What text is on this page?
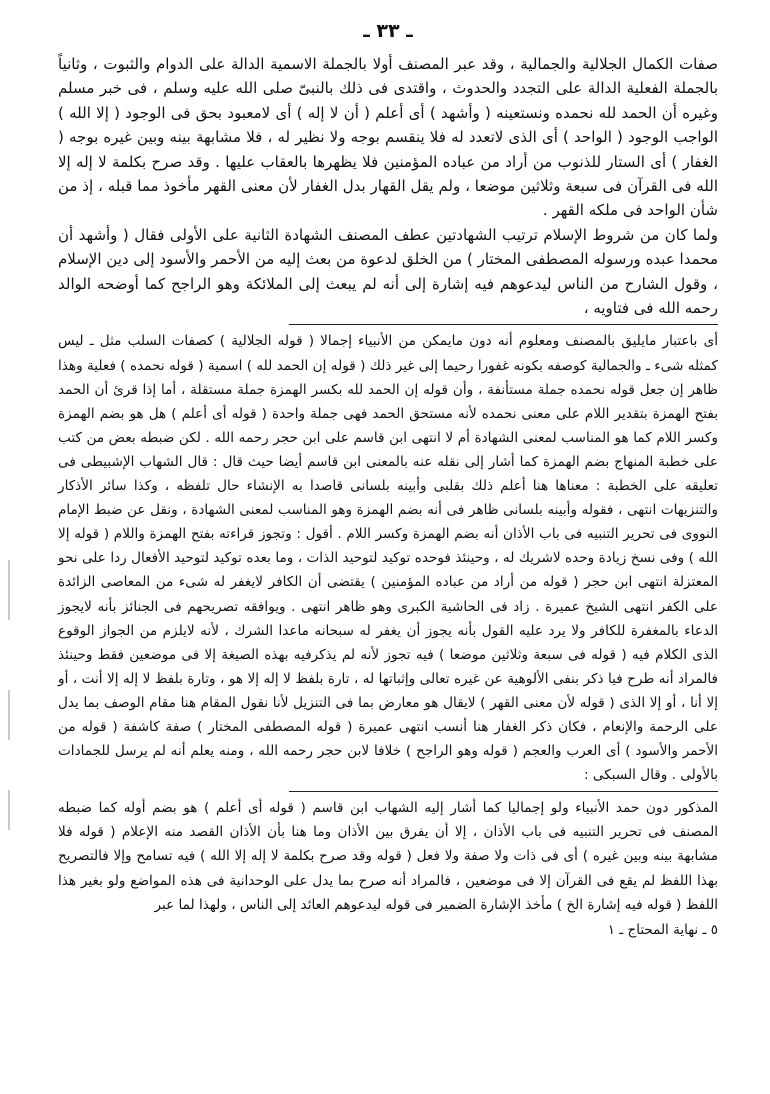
ـ ٣٣ ـ

صفات الكمال الجلالية والجمالية ، وقد عبر المصنف أولا بالجملة الاسمية الدالة على الدوام والثبوت ، وثانياً بالجملة الفعلية الدالة على التجدد والحدوث ، واقتدى فى ذلك بالنبىّ صلى الله عليه وسلم ، فى خبر مسلم وغيره أن الحمد لله نحمده ونستعينه ( وأشهد ) أى أعلم ( أن لا إله ) أى لامعبود بحق فى الوجود ( إلا الله ) الواجب الوجود ( الواحد ) أى الذى لاتعدد له فلا ينقسم بوجه ولا نظير له ، فلا مشابهة بينه وبين غيره بوجه ( الغفار ) أى الستار للذنوب من أراد من عباده المؤمنين فلا يظهرها بالعقاب عليها . وقد صرح بكلمة لا إله إلا الله فى القرآن فى سبعة وثلاثين موضعا ، ولم يقل القهار بدل الغفار لأن معنى القهر مأخوذ مما قبله ، إذ من شأن الواحد فى ملكه القهر .

ولما كان من شروط الإسلام ترتيب الشهادتين عطف المصنف الشهادة الثانية على الأولى فقال ( وأشهد أن محمدا عبده ورسوله المصطفى المختار ) من الخلق لدعوة من بعث إليه من الأحمر والأسود إلى دين الإسلام ، وقول الشارح من الناس ليدعوهم فيه إشارة إلى أنه لم يبعث إلى الملائكة وهو الراجح كما أوضحه الوالد رحمه الله فى فتاويه ،

أى باعتبار مايليق بالمصنف ومعلوم أنه دون مايمكن من الأنبياء إجمالا ( قوله الجلالية ) كصفات السلب مثل ـ ليس كمثله شىء ـ والجمالية كوصفه بكونه غفورا رحيما إلى غير ذلك ( قوله إن الحمد لله ) اسمية ( قوله نحمده ) فعلية وهذا ظاهر إن جعل قوله نحمده جملة مستأنفة ، وأن قوله إن الحمد لله بكسر الهمزة جملة مستقلة ، أما إذا قرئ أن الحمد بفتح الهمزة بتقدير اللام على معنى نحمده لأنه مستحق الحمد فهى جملة واحدة ( قوله أى أعلم ) هل هو بضم الهمزة وكسر اللام كما هو المناسب لمعنى الشهادة أم لا انتهى ابن قاسم على ابن حجر رحمه الله . لكن ضبطه بعض من كتب على خطبة المنهاج بضم الهمزة كما أشار إلى نقله عنه بالمعنى ابن قاسم أيضا حيث قال : قال الشهاب الإشبيطى فى تعليقه على الخطبة : معناها هنا أعلم ذلك بقلبى وأبينه بلسانى قاصدا به الإنشاء حال تلفظه ، وكذا سائر الأذكار والتنزيهات انتهى ، فقوله وأبينه بلسانى ظاهر فى أنه بضم الهمزة وهو المناسب لمعنى الشهادة ، ونقل عن ضبط الإمام النووى فى تحرير التنبيه فى باب الأذان أنه بضم الهمزة وكسر اللام . أقول : وتجوز قراءته بفتح الهمزة واللام ( قوله إلا الله ) وفى نسخ زيادة وحده لاشريك له ، وحينئذ فوحده توكيد لتوحيد الذات ، وما بعده توكيد لتوحيد الأفعال ردا على نحو المعتزلة انتهى ابن حجر ( قوله من أراد من عباده المؤمنين ) يقتضى أن الكافر لايغفر له شىء من المعاصى الزائدة على الكفر انتهى الشيخ عميرة . زاد فى الحاشية الكبرى وهو ظاهر انتهى . ويوافقه تصريحهم فى الجنائز بأنه لايجوز الدعاء بالمغفرة للكافر ولا يرد عليه القول بأنه يجوز أن يغفر له سبحانه ماعدا الشرك ، لأنه لايلزم من الجواز الوقوع الذى الكلام فيه ( قوله فى سبعة وثلاثين موضعا ) فيه تجوز لأنه لم يذكرفيه بهذه الصيغة إلا فى موضعين فقط وحينئذ فالمراد أنه طرح فيا ذكر بنفى الألوهية عن غيره تعالى وإثباتها له ، تارة بلفظ لا إله إلا هو ، وتارة بلفظ لا إله إلا أنت ، أو إلا أنا ، أو إلا الذى ( قوله لأن معنى القهر ) لايقال هو معارض بما فى التنزيل لأنا نقول المقام هنا مقام الوصف بما يدل على الرحمة والإنعام ، فكان ذكر الغفار هنا أنسب انتهى عميرة ( قوله المصطفى المختار ) صفة كاشفة ( قوله من الأحمر والأسود ) أى العرب والعجم ( قوله وهو الراجح ) خلافا لابن حجر رحمه الله ، ومنه يعلم أنه لم يرسل للجمادات بالأولى . وقال السبكى :

المذكور دون حمد الأنبياء ولو إجماليا كما أشار إليه الشهاب ابن قاسم ( قوله أى أعلم ) هو بضم أوله كما ضبطه المصنف فى تحرير التنبيه فى باب الأذان ، إلا أن يفرق بين الأذان وما هنا بأن الأذان القصد منه الإعلام ( قوله فلا مشابهة بينه وبين غيره ) أى فى ذات ولا صفة ولا فعل ( قوله وقد صرح بكلمة لا إله إلا الله ) فيه تسامح وإلا فالتصريح بهذا اللفظ لم يقع فى القرآن إلا فى موضعين ، فالمراد أنه صرح بما يدل على الوحدانية فى هذه المواضع ولو بغير هذا اللفظ ( قوله فيه إشارة الخ ) مأخذ الإشارة الضمير فى قوله ليدعوهم العائد إلى الناس ، ولهذا لما عبر

٥ ـ نهاية المحتاج ـ ١
